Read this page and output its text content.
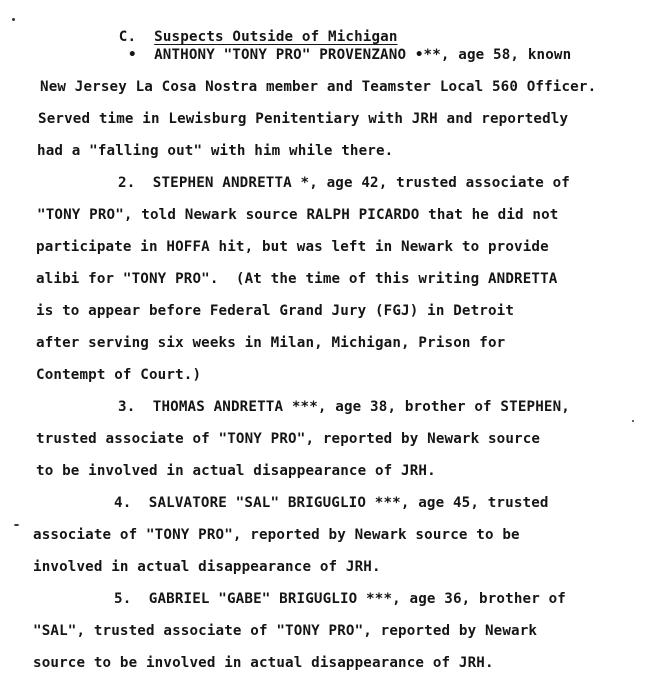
C. Suspects Outside of Michigan

•  ANTHONY "TONY PRO" PROVENZANO •**, age 58, known
New Jersey La Cosa Nostra member and Teamster Local 560 Officer.
Served time in Lewisburg Penitentiary with JRH and reportedly
had a "falling out" with him while there.
2.  STEPHEN ANDRETTA *, age 42, trusted associate of
"TONY PRO", told Newark source RALPH PICARDO that he did not
participate in HOFFA hit, but was left in Newark to provide
alibi for "TONY PRO".  (At the time of this writing ANDRETTA
is to appear before Federal Grand Jury (FGJ) in Detroit
after serving six weeks in Milan, Michigan, Prison for
Contempt of Court.)
3.  THOMAS ANDRETTA ***, age 38, brother of STEPHEN,
trusted associate of "TONY PRO", reported by Newark source
to be involved in actual disappearance of JRH.
4.  SALVATORE "SAL" BRIGUGLIO ***, age 45, trusted
associate of "TONY PRO", reported by Newark source to be
involved in actual disappearance of JRH.
5.  GABRIEL "GABE" BRIGUGLIO ***, age 36, brother of
"SAL", trusted associate of "TONY PRO", reported by Newark
source to be involved in actual disappearance of JRH.
